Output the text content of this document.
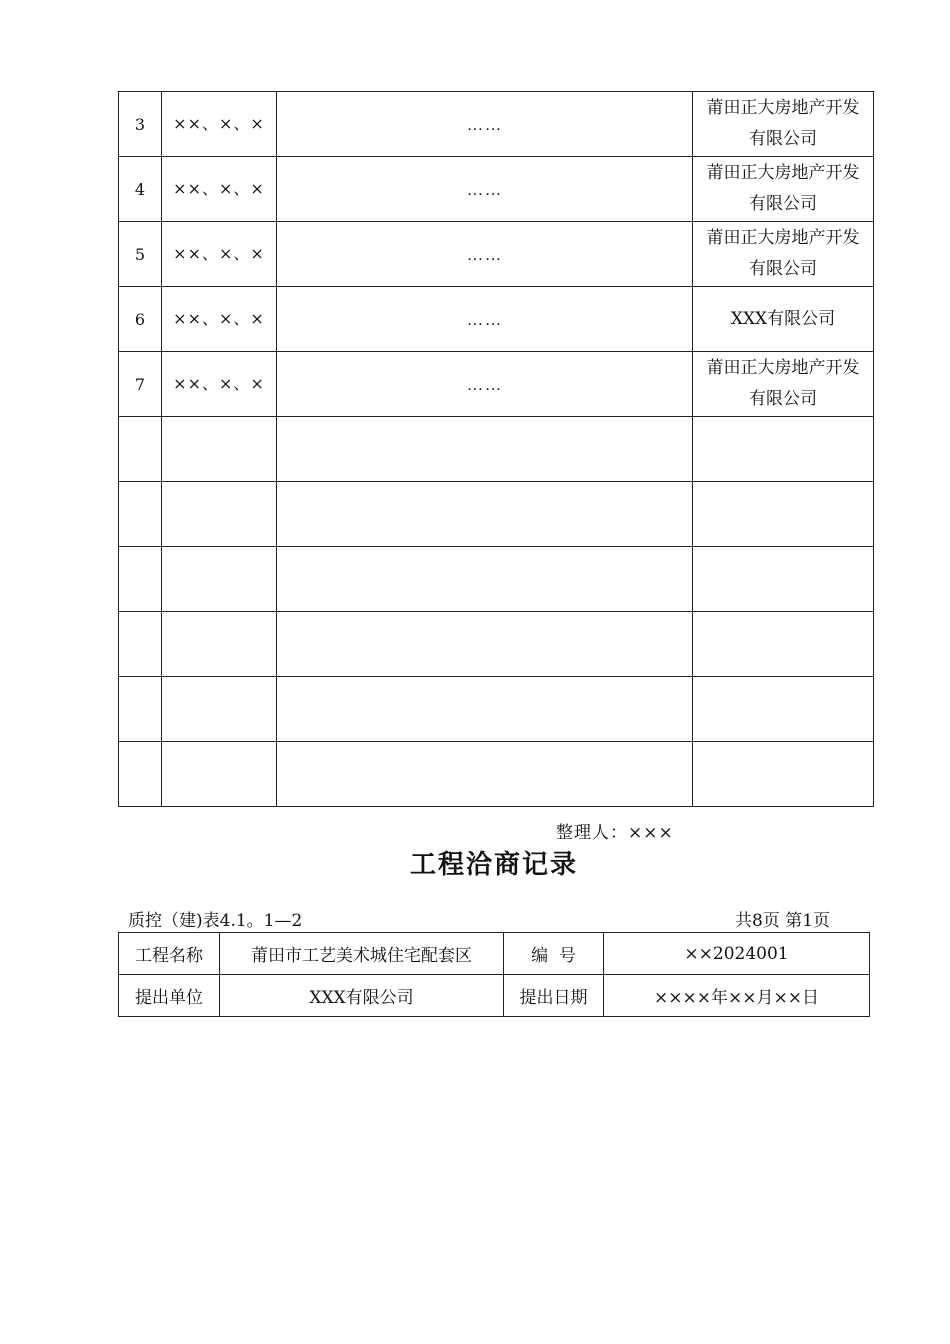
3	××、×、×	……	莆田正大房地产开发有限公司
4	××、×、×	……	莆田正大房地产开发有限公司
5	××、×、×	……	莆田正大房地产开发有限公司
6	××、×、×	……	XXX有限公司
7	××、×、×	……	莆田正大房地产开发有限公司

整理人：×××
工程洽商记录
质控（建)表4.1。1—2	共8页 第1页
工程名称	莆田市工艺美术城住宅配套区	编  号	××2024001
提出单位	XXX有限公司	提出日期	××××年××月××日
